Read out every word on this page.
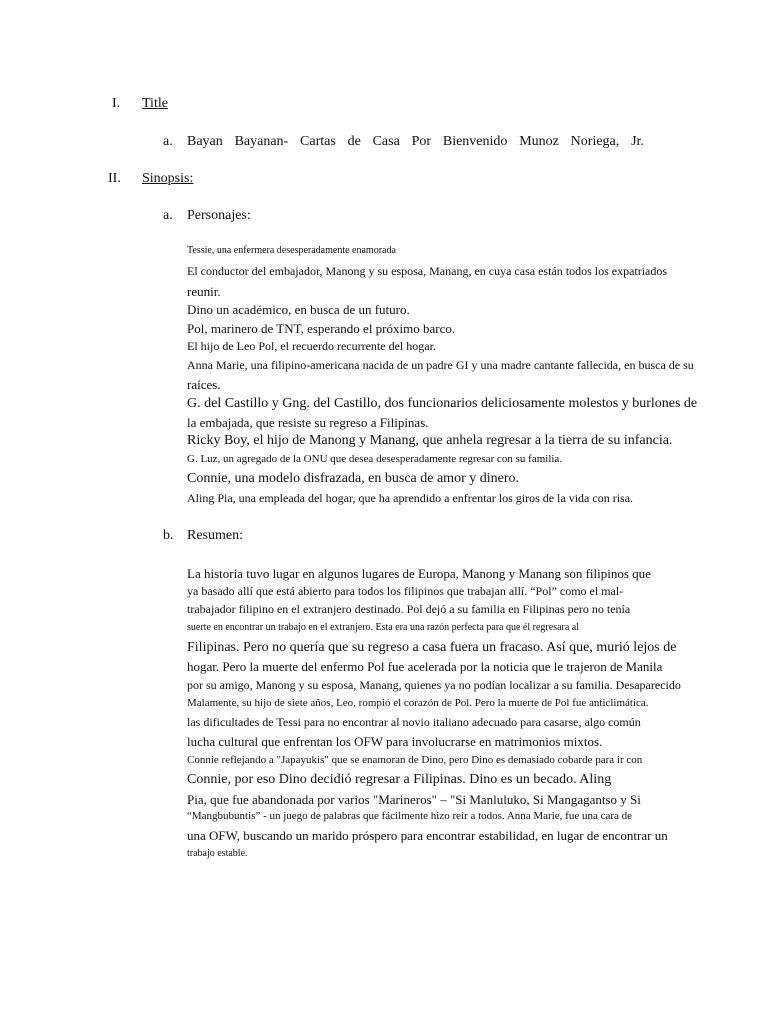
I. Title
a. Bayan Bayanan- Cartas de Casa Por Bienvenido Munoz Noriega, Jr.
II. Sinopsis:
a. Personajes:
Tessie, una enfermera desesperadamente enamorada
El conductor del embajador, Manong y su esposa, Manang, en cuya casa están todos los expatriados
reunir.
Dino un académico, en busca de un futuro.
Pol, marinero de TNT, esperando el próximo barco.
El hijo de Leo Pol, el recuerdo recurrente del hogar.
Anna Marie, una filipino-americana nacida de un padre GI y una madre cantante fallecida, en busca de su
raíces.
G. del Castillo y Gng. del Castillo, dos funcionarios deliciosamente molestos y burlones de
la embajada, que resiste su regreso a Filipinas.
Ricky Boy, el hijo de Manong y Manang, que anhela regresar a la tierra de su infancia.
G. Luz, un agregado de la ONU que desea desesperadamente regresar con su familia.
Connie, una modelo disfrazada, en busca de amor y dinero.
Aling Pia, una empleada del hogar, que ha aprendido a enfrentar los giros de la vida con risa.
b. Resumen:
La historia tuvo lugar en algunos lugares de Europa, Manong y Manang son filipinos que
ya basado allí que está abierto para todos los filipinos que trabajan allí. “Pol” como el mal-
trabajador filipino en el extranjero destinado. Pol dejó a su familia en Filipinas pero no tenía
suerte en encontrar un trabajo en el extranjero. Esta era una razón perfecta para que él regresara al
Filipinas. Pero no quería que su regreso a casa fuera un fracaso. Así que, murió lejos de
hogar. Pero la muerte del enfermo Pol fue acelerada por la noticia que le trajeron de Manila
por su amigo, Manong y su esposa, Manang, quienes ya no podían localizar a su familia. Desaparecido
Malamente, su hijo de siete años, Leo, rompió el corazón de Pol. Pero la muerte de Pol fue anticlimática.
las dificultades de Tessi para no encontrar al novio italiano adecuado para casarse, algo común
lucha cultural que enfrentan los OFW para involucrarse en matrimonios mixtos.
Connie reflejando a "Japayukis" que se enamoran de Dino, pero Dino es demasiado cobarde para ir con
Connie, por eso Dino decidió regresar a Filipinas. Dino es un becado. Aling
Pia, que fue abandonada por varios "Marineros" – "Si Manluluko, Si Mangagantso y Si
“Mangbubuntis” - un juego de palabras que fácilmente hizo reír a todos. Anna Marie, fue una cara de
una OFW, buscando un marido próspero para encontrar estabilidad, en lugar de encontrar un
trabajo estable.
